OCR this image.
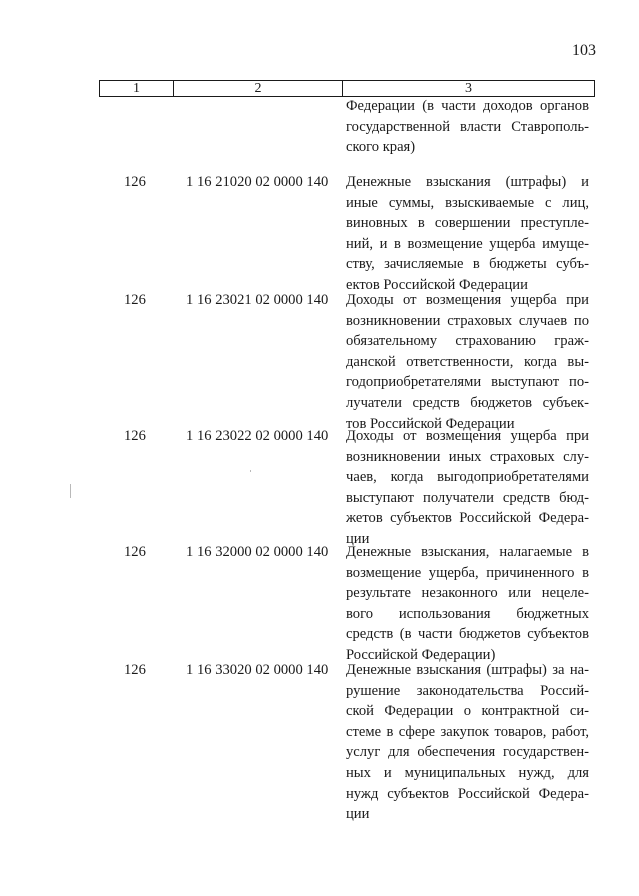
103
1	2	3
Федерации (в части доходов органов
государственной власти Ставрополь-
ского края)
126	1 16 21020 02 0000 140 Денежные взыскания (штрафы) и
иные суммы, взыскиваемые с лиц,
виновных в совершении преступле-
ний, и в возмещение ущерба имуще-
ству, зачисляемые в бюджеты субъ-
ектов Российской Федерации
126	1 16 23021 02 0000 140 Доходы от возмещения ущерба при
возникновении страховых случаев по
обязательному страхованию граж-
данской ответственности, когда вы-
годоприобретателями выступают по-
лучатели средств бюджетов субъек-
тов Российской Федерации
126	1 16 23022 02 0000 140 Доходы от возмещения ущерба при
возникновении иных страховых слу-
чаев, когда выгодоприобретателями
выступают получатели средств бюд-
жетов субъектов Российской Федера-
ции
126	1 16 32000 02 0000 140 Денежные взыскания, налагаемые в
возмещение ущерба, причиненного в
результате незаконного или нецеле-
вого использования бюджетных
средств (в части бюджетов субъектов
Российской Федерации)
126	1 16 33020 02 0000 140 Денежные взыскания (штрафы) за на-
рушение законодательства Россий-
ской Федерации о контрактной си-
стеме в сфере закупок товаров, работ,
услуг для обеспечения государствен-
ных и муниципальных нужд, для
нужд субъектов Российской Федера-
ции
